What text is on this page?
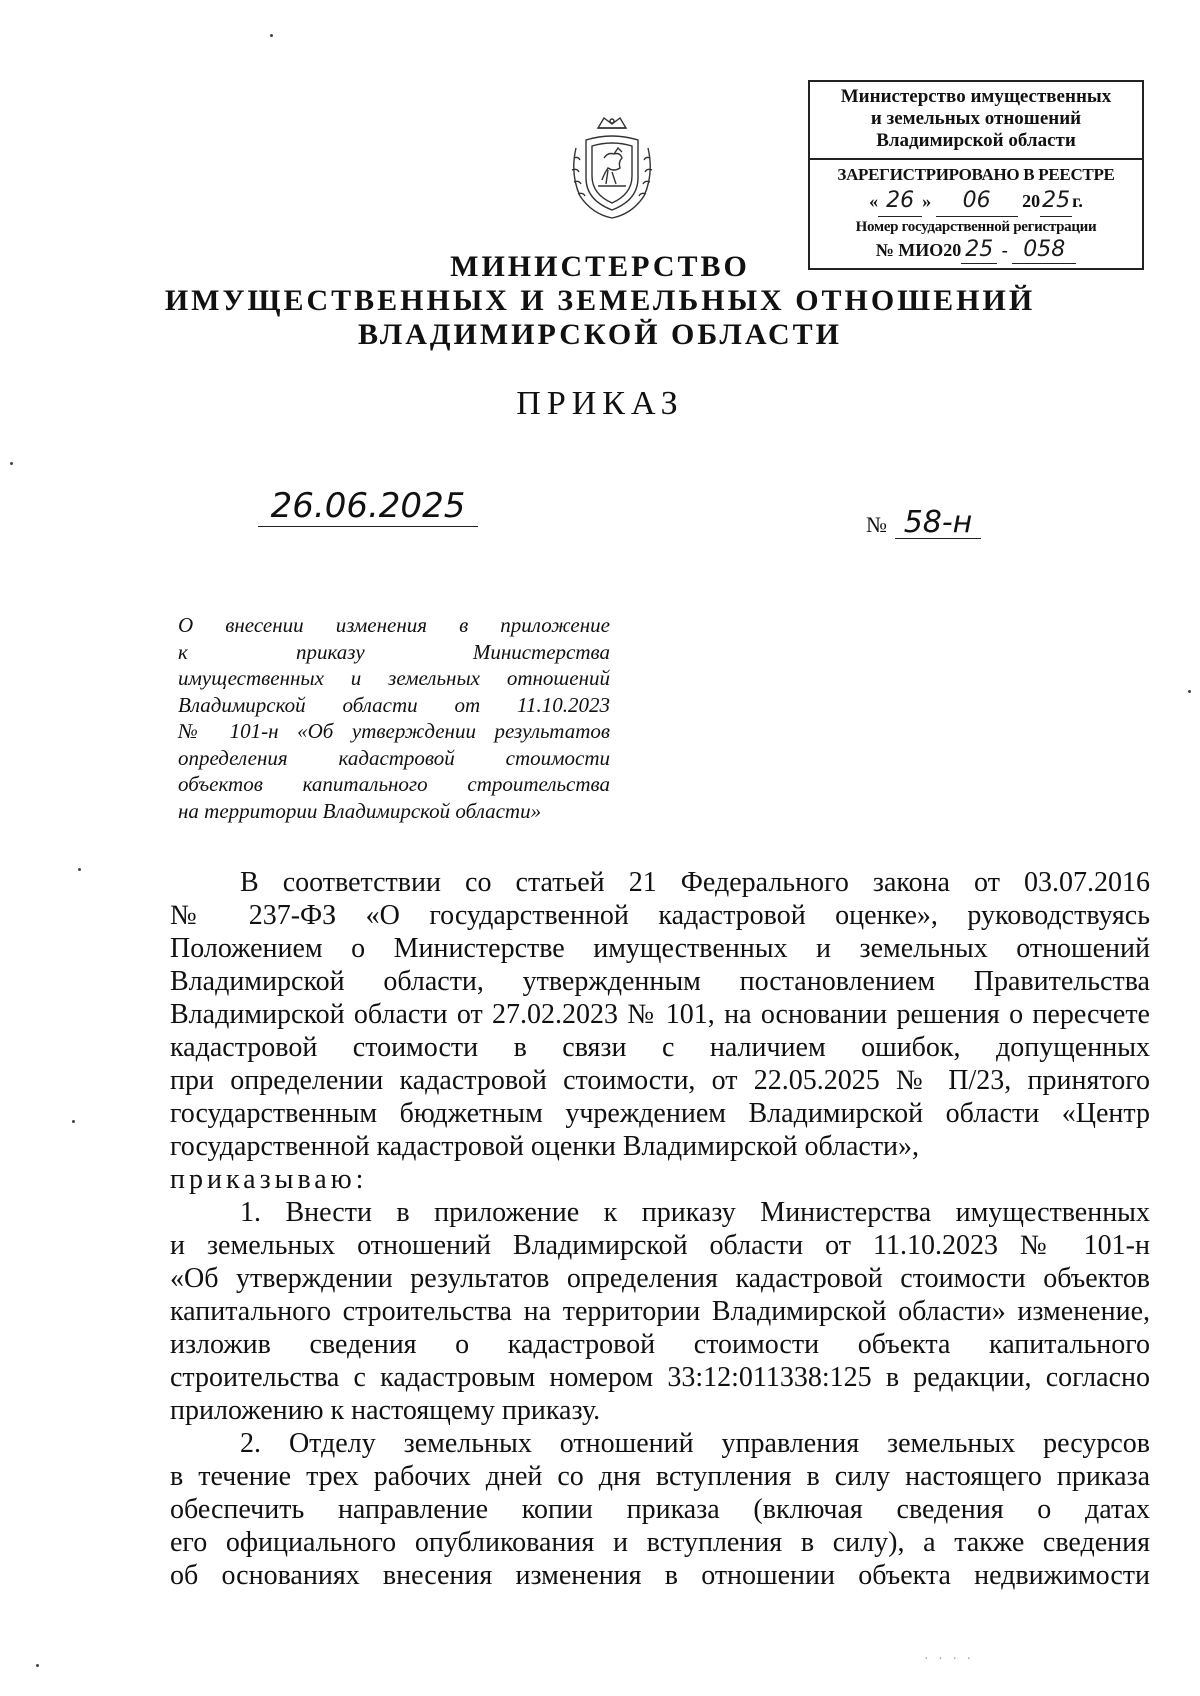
Министерство имущественных
и земельных отношений
Владимирской области
ЗАРЕГИСТРИРОВАНО В РЕЕСТРЕ
« 26 » 06 2025 г.
Номер государственной регистрации
№ МИО20 25 - 058
МИНИСТЕРСТВО
ИМУЩЕСТВЕННЫХ И ЗЕМЕЛЬНЫХ ОТНОШЕНИЙ
ВЛАДИМИРСКОЙ ОБЛАСТИ
ПРИКАЗ
26.06.2025	№ 58-н
О внесении изменения в приложение
к приказу Министерства
имущественных и земельных отношений
Владимирской области от 11.10.2023
№ 101-н «Об утверждении результатов
определения кадастровой стоимости
объектов капитального строительства
на территории Владимирской области»
В соответствии со статьей 21 Федерального закона от 03.07.2016
№ 237-ФЗ «О государственной кадастровой оценке», руководствуясь
Положением о Министерстве имущественных и земельных отношений
Владимирской области, утвержденным постановлением Правительства
Владимирской области от 27.02.2023 № 101, на основании решения о пересчете
кадастровой стоимости в связи с наличием ошибок, допущенных
при определении кадастровой стоимости, от 22.05.2025 № П/23, принятого
государственным бюджетным учреждением Владимирской области «Центр
государственной кадастровой оценки Владимирской области»,
приказываю:
1. Внести в приложение к приказу Министерства имущественных
и земельных отношений Владимирской области от 11.10.2023 № 101-н
«Об утверждении результатов определения кадастровой стоимости объектов
капитального строительства на территории Владимирской области» изменение,
изложив сведения о кадастровой стоимости объекта капитального
строительства с кадастровым номером 33:12:011338:125 в редакции, согласно
приложению к настоящему приказу.
2. Отделу земельных отношений управления земельных ресурсов
в течение трех рабочих дней со дня вступления в силу настоящего приказа
обеспечить направление копии приказа (включая сведения о датах
его официального опубликования и вступления в силу), а также сведения
об основаниях внесения изменения в отношении объекта недвижимости
· · · ·
